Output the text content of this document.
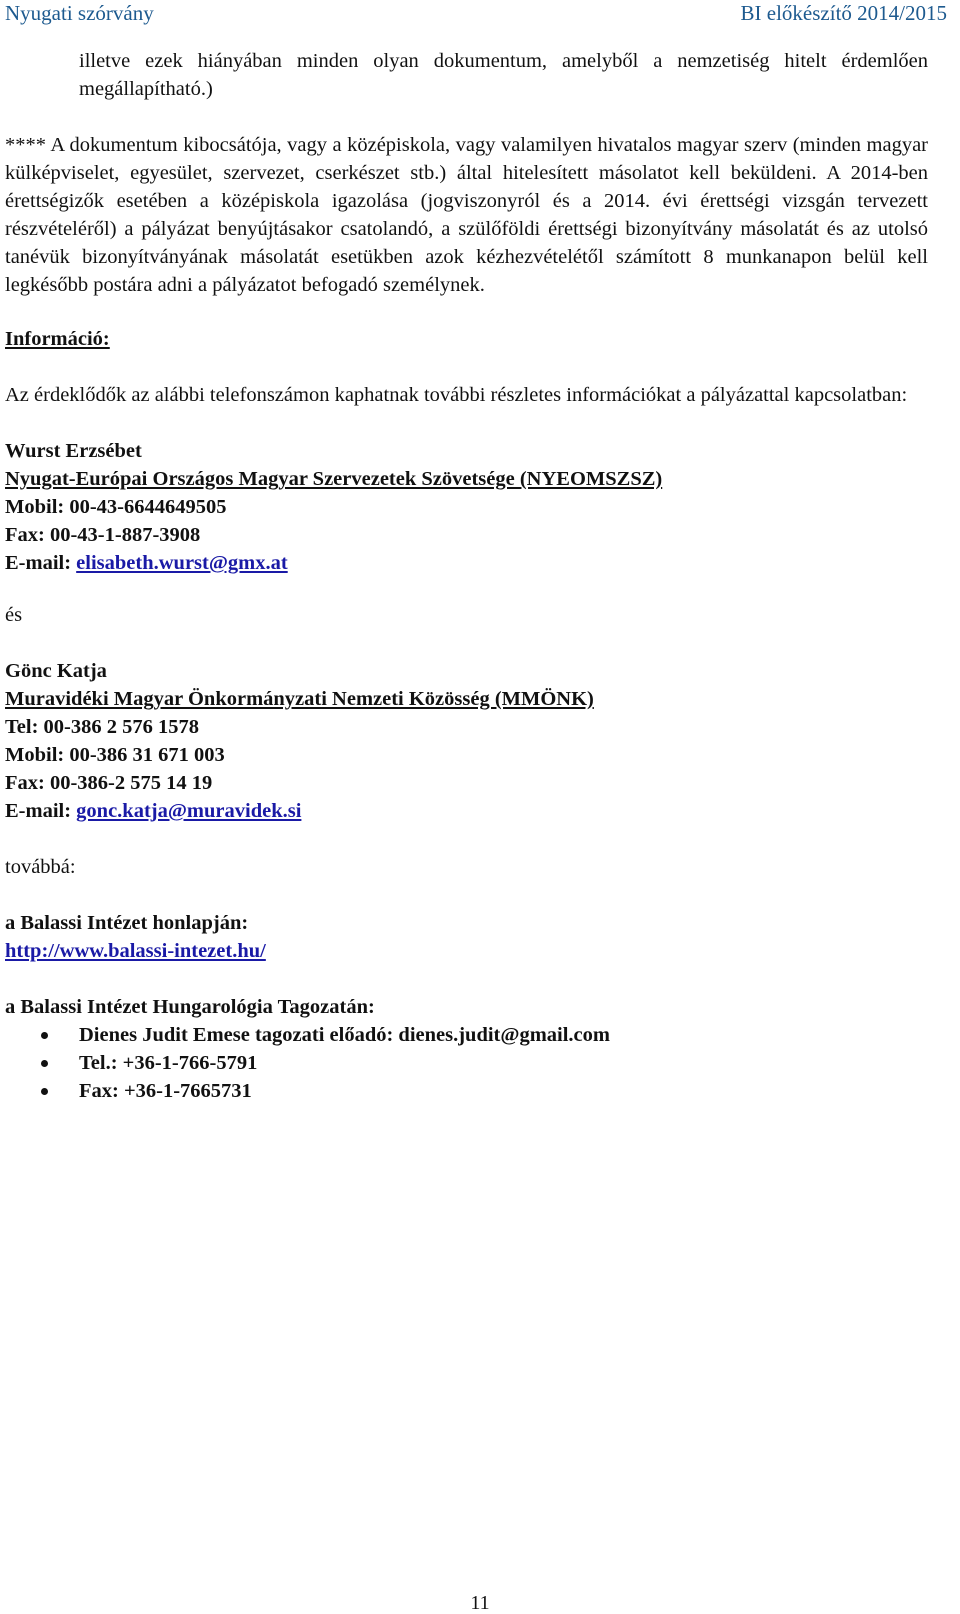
Nyugati szórvány	BI előkészítő 2014/2015

illetve ezek hiányában minden olyan dokumentum, amelyből a nemzetiség hitelt érdemlően megállapítható.)

**** A dokumentum kibocsátója, vagy a középiskola, vagy valamilyen hivatalos magyar szerv (minden magyar külképviselet, egyesület, szervezet, cserkészet stb.) által hitelesített másolatot kell beküldeni. A 2014-ben érettségizők esetében a középiskola igazolása (jogviszonyról és a 2014. évi érettségi vizsgán tervezett részvételéről) a pályázat benyújtásakor csatolandó, a szülőföldi érettségi bizonyítvány másolatát és az utolsó tanévük bizonyítványának másolatát esetükben azok kézhezvételétől számított 8 munkanapon belül kell legkésőbb postára adni a pályázatot befogadó személynek.

Információ:

Az érdeklődők az alábbi telefonszámon kaphatnak további részletes információkat a pályázattal kapcsolatban:

Wurst Erzsébet
Nyugat-Európai Országos Magyar Szervezetek Szövetsége (NYEOMSZSZ)
Mobil: 00-43-6644649505
Fax: 00-43-1-887-3908
E-mail: elisabeth.wurst@gmx.at

és

Gönc Katja
Muravidéki Magyar Önkormányzati Nemzeti Közösség (MMÖNK)
Tel: 00-386 2 576 1578
Mobil: 00-386 31 671 003
Fax: 00-386-2 575 14 19
E-mail: gonc.katja@muravidek.si

továbbá:

a Balassi Intézet honlapján:
http://www.balassi-intezet.hu/
a Balassi Intézet Hungarológia Tagozatán:
Dienes Judit Emese tagozati előadó: dienes.judit@gmail.com
Tel.: +36-1-766-5791
Fax: +36-1-7665731
11
